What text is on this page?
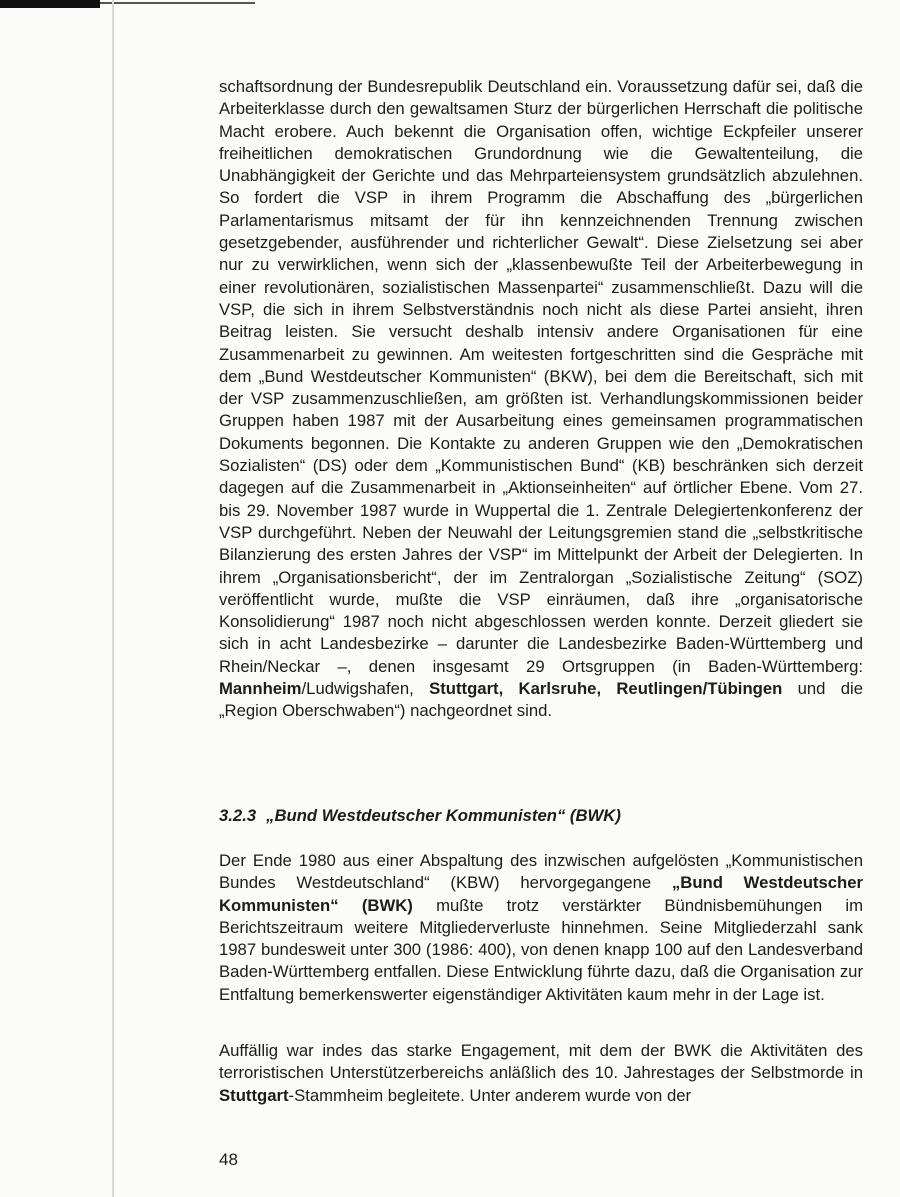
schaftsordnung der Bundesrepublik Deutschland ein. Voraussetzung dafür sei, daß die Arbeiterklasse durch den gewaltsamen Sturz der bürgerlichen Herrschaft die politische Macht erobere. Auch bekennt die Organisation offen, wichtige Eckpfeiler unserer freiheitlichen demokratischen Grundordnung wie die Gewaltenteilung, die Unabhängigkeit der Gerichte und das Mehrparteiensystem grundsätzlich abzulehnen. So fordert die VSP in ihrem Programm die Abschaffung des „bürgerlichen Parlamentarismus mitsamt der für ihn kennzeichnenden Trennung zwischen gesetzgebender, ausführender und richterlicher Gewalt“. Diese Zielsetzung sei aber nur zu verwirklichen, wenn sich der „klassenbewußte Teil der Arbeiterbewegung in einer revolutionären, sozialistischen Massenpartei“ zusammenschließt. Dazu will die VSP, die sich in ihrem Selbstverständnis noch nicht als diese Partei ansieht, ihren Beitrag leisten. Sie versucht deshalb intensiv andere Organisationen für eine Zusammenarbeit zu gewinnen. Am weitesten fortgeschritten sind die Gespräche mit dem „Bund Westdeutscher Kommunisten“ (BKW), bei dem die Bereitschaft, sich mit der VSP zusammenzuschließen, am größten ist. Verhandlungskommissionen beider Gruppen haben 1987 mit der Ausarbeitung eines gemeinsamen programmatischen Dokuments begonnen. Die Kontakte zu anderen Gruppen wie den „Demokratischen Sozialisten“ (DS) oder dem „Kommunistischen Bund“ (KB) beschränken sich derzeit dagegen auf die Zusammenarbeit in „Aktionseinheiten“ auf örtlicher Ebene. Vom 27. bis 29. November 1987 wurde in Wuppertal die 1. Zentrale Delegiertenkonferenz der VSP durchgeführt. Neben der Neuwahl der Leitungsgremien stand die „selbstkritische Bilanzierung des ersten Jahres der VSP“ im Mittelpunkt der Arbeit der Delegierten. In ihrem „Organisationsbericht“, der im Zentralorgan „Sozialistische Zeitung“ (SOZ) veröffentlicht wurde, mußte die VSP einräumen, daß ihre „organisatorische Konsolidierung“ 1987 noch nicht abgeschlossen werden konnte. Derzeit gliedert sie sich in acht Landesbezirke – darunter die Landesbezirke Baden-Württemberg und Rhein/Neckar –, denen insgesamt 29 Ortsgruppen (in Baden-Württemberg: Mannheim/Ludwigshafen, Stuttgart, Karlsruhe, Reutlingen/Tübingen und die „Region Oberschwaben“) nachgeordnet sind.

3.2.3 „Bund Westdeutscher Kommunisten“ (BWK)

Der Ende 1980 aus einer Abspaltung des inzwischen aufgelösten „Kommunistischen Bundes Westdeutschland“ (KBW) hervorgegangene „Bund Westdeutscher Kommunisten“ (BWK) mußte trotz verstärkter Bündnisbemühungen im Berichtszeitraum weitere Mitgliederverluste hinnehmen. Seine Mitgliederzahl sank 1987 bundesweit unter 300 (1986: 400), von denen knapp 100 auf den Landesverband Baden-Württemberg entfallen. Diese Entwicklung führte dazu, daß die Organisation zur Entfaltung bemerkenswerter eigenständiger Aktivitäten kaum mehr in der Lage ist.

Auffällig war indes das starke Engagement, mit dem der BWK die Aktivitäten des terroristischen Unterstützerbereichs anläßlich des 10. Jahrestages der Selbstmorde in Stuttgart-Stammheim begleitete. Unter anderem wurde von der

48
